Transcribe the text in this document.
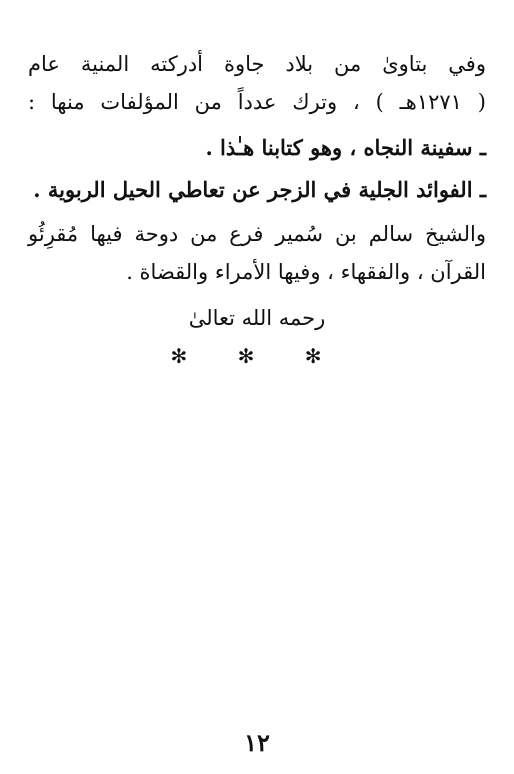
وفي بتاوىٰ من بلاد جاوة أدركته المنية عام
( ١٢٧١هـ ) ، وترك عدداً من المؤلفات منها :
ـ سفينة النجاه ، وهو كتابنا هـٰذا .
ـ الفوائد الجلية في الزجر عن تعاطي الحيل الربوية .
والشيخ سالم بن سُمير فرع من دوحة فيها مُقرِئُو
القرآن ، والفقهاء ، وفيها الأمراء والقضاة .
رحمه الله تعالىٰ
✻ ✻ ✻
١٢
